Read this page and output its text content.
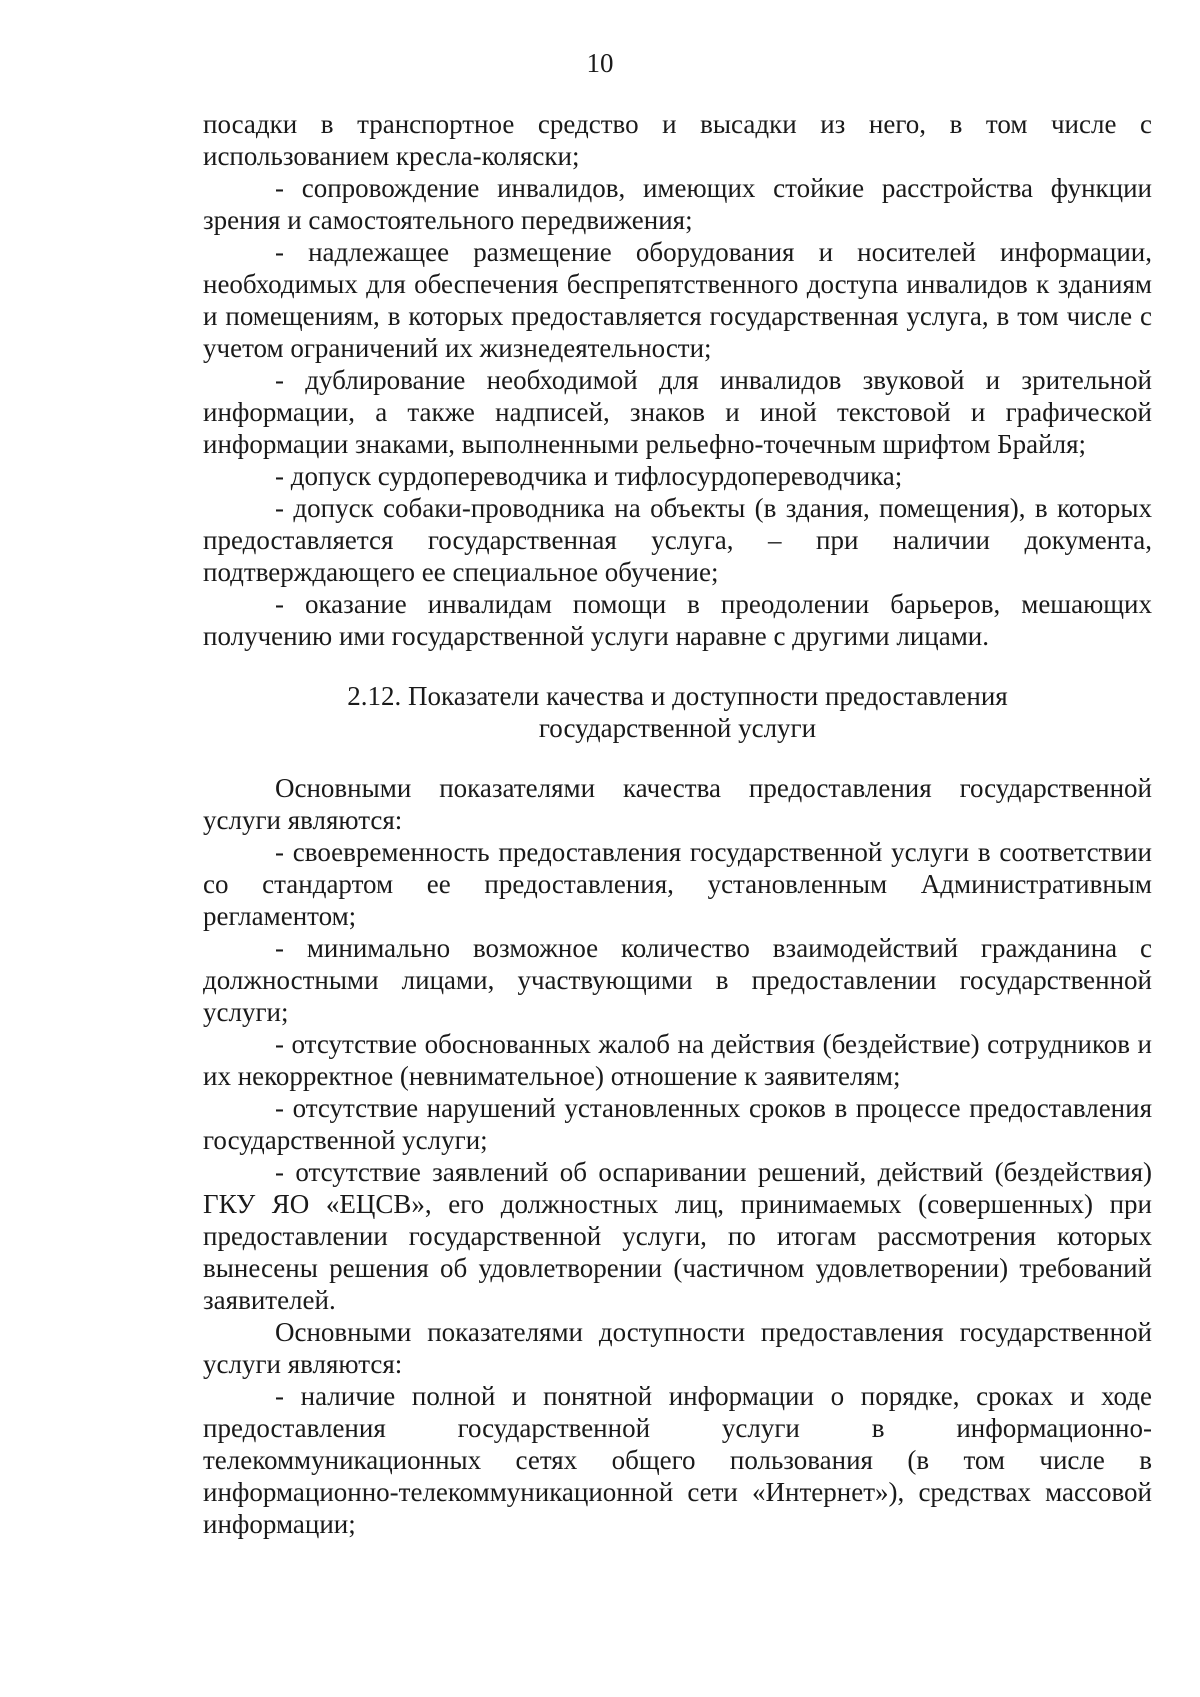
10

посадки в транспортное средство и высадки из него, в том числе с использованием кресла-коляски;

- сопровождение инвалидов, имеющих стойкие расстройства функции зрения и самостоятельного передвижения;

- надлежащее размещение оборудования и носителей информации, необходимых для обеспечения беспрепятственного доступа инвалидов к зданиям и помещениям, в которых предоставляется государственная услуга, в том числе с учетом ограничений их жизнедеятельности;

- дублирование необходимой для инвалидов звуковой и зрительной информации, а также надписей, знаков и иной текстовой и графической информации знаками, выполненными рельефно-точечным шрифтом Брайля;

- допуск сурдопереводчика и тифлосурдопереводчика;

- допуск собаки-проводника на объекты (в здания, помещения), в которых предоставляется государственная услуга, – при наличии документа, подтверждающего ее специальное обучение;

- оказание инвалидам помощи в преодолении барьеров, мешающих получению ими государственной услуги наравне с другими лицами.

2.12. Показатели качества и доступности предоставления
государственной услуги

Основными показателями качества предоставления государственной услуги являются:

- своевременность предоставления государственной услуги в соответствии со стандартом ее предоставления, установленным Административным регламентом;

- минимально возможное количество взаимодействий гражданина с должностными лицами, участвующими в предоставлении государственной услуги;

- отсутствие обоснованных жалоб на действия (бездействие) сотрудников и их некорректное (невнимательное) отношение к заявителям;

- отсутствие нарушений установленных сроков в процессе предоставления государственной услуги;

- отсутствие заявлений об оспаривании решений, действий (бездействия) ГКУ ЯО «ЕЦСВ», его должностных лиц, принимаемых (совершенных) при предоставлении государственной услуги, по итогам рассмотрения которых вынесены решения об удовлетворении (частичном удовлетворении) требований заявителей.

Основными показателями доступности предоставления государственной услуги являются:

- наличие полной и понятной информации о порядке, сроках и ходе предоставления государственной услуги в информационно-телекоммуникационных сетях общего пользования (в том числе в информационно-телекоммуникационной сети «Интернет»), средствах массовой информации;
